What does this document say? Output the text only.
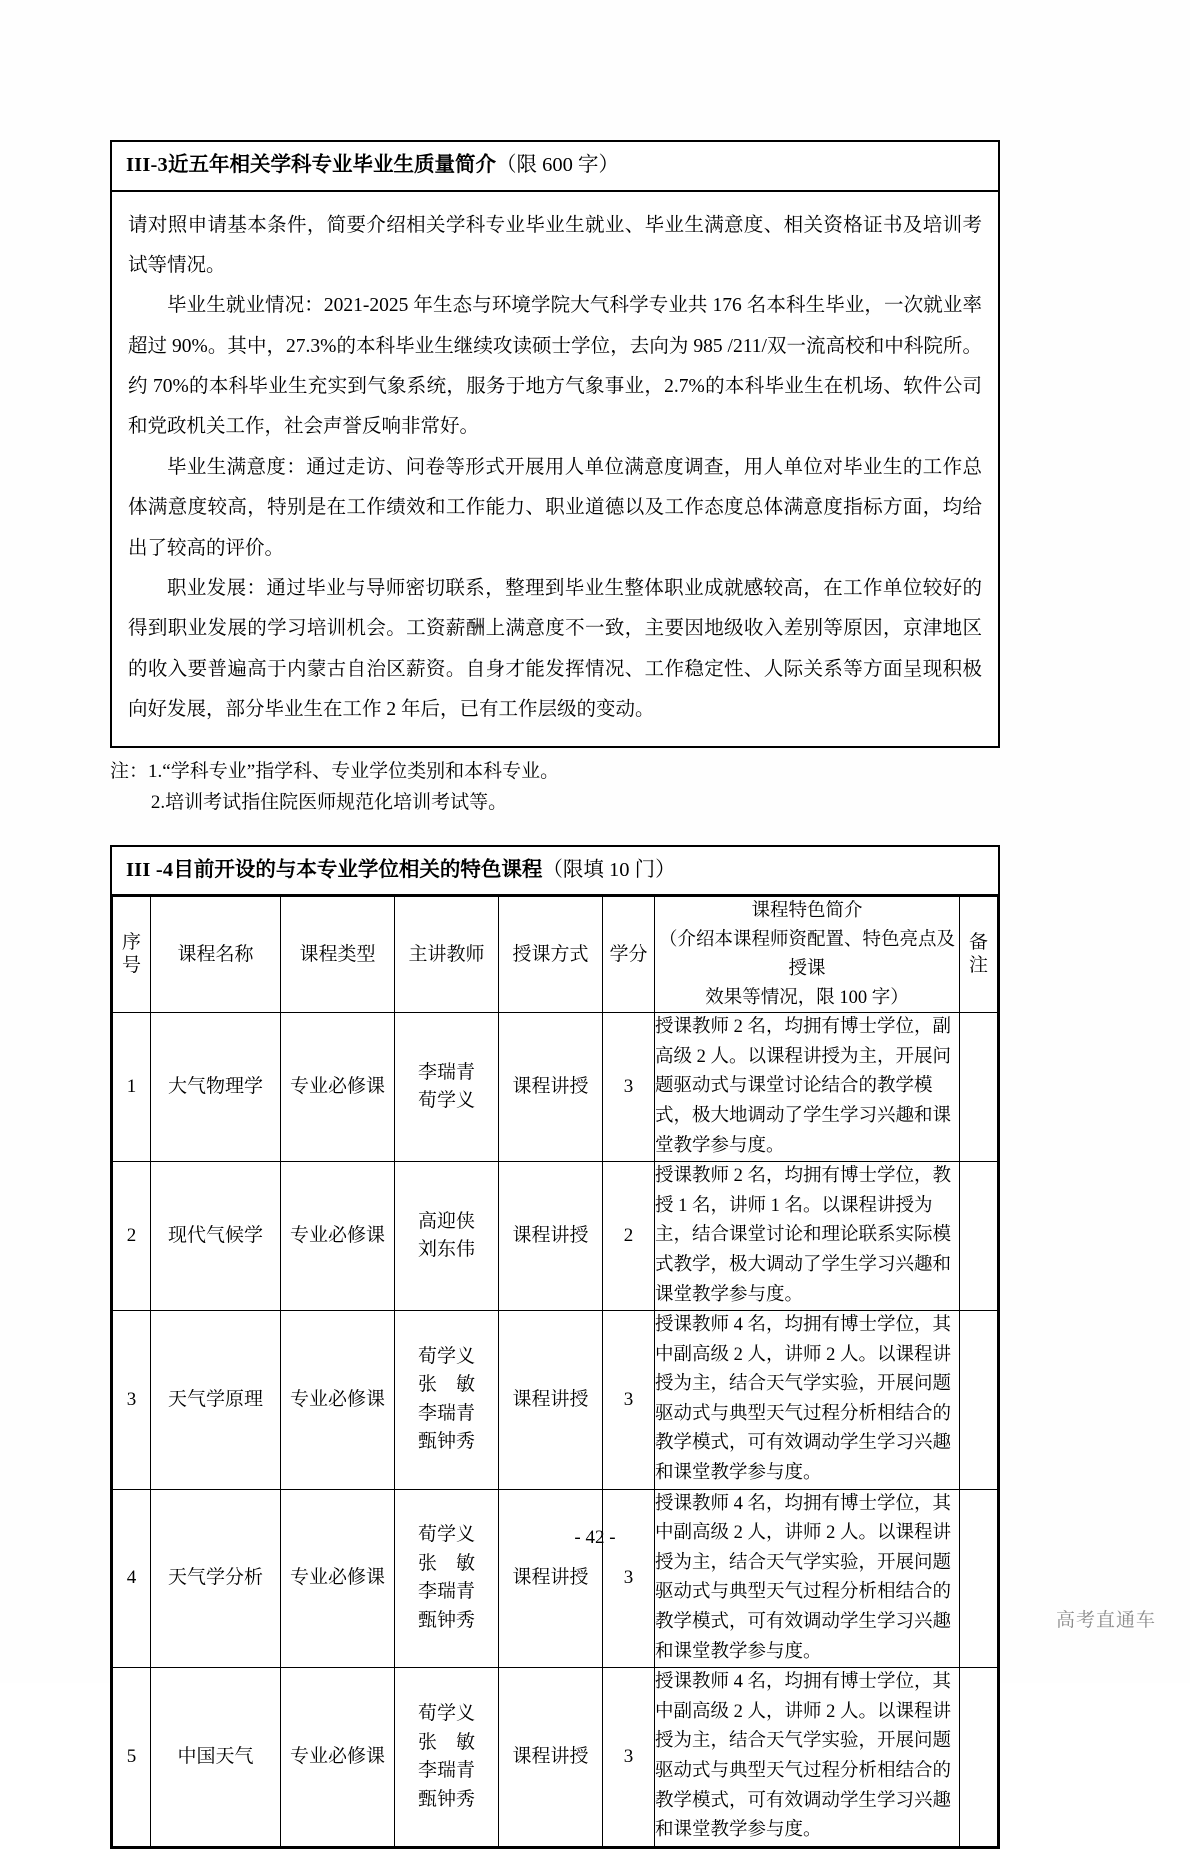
III-3近五年相关学科专业毕业生质量简介（限 600 字）

请对照申请基本条件，简要介绍相关学科专业毕业生就业、毕业生满意度、相关资格证书及培训考试等情况。

毕业生就业情况：2021-2025 年生态与环境学院大气科学专业共 176 名本科生毕业，一次就业率超过 90%。其中，27.3%的本科毕业生继续攻读硕士学位，去向为 985 /211/双一流高校和中科院所。约 70%的本科毕业生充实到气象系统，服务于地方气象事业，2.7%的本科毕业生在机场、软件公司和党政机关工作，社会声誉反响非常好。

毕业生满意度：通过走访、问卷等形式开展用人单位满意度调查，用人单位对毕业生的工作总体满意度较高，特别是在工作绩效和工作能力、职业道德以及工作态度总体满意度指标方面，均给出了较高的评价。

职业发展：通过毕业与导师密切联系，整理到毕业生整体职业成就感较高，在工作单位较好的得到职业发展的学习培训机会。工资薪酬上满意度不一致，主要因地级收入差别等原因，京津地区的收入要普遍高于内蒙古自治区薪资。自身才能发挥情况、工作稳定性、人际关系等方面呈现积极向好发展，部分毕业生在工作 2 年后，已有工作层级的变动。

注：1.“学科专业”指学科、专业学位类别和本科专业。
2.培训考试指住院医师规范化培训考试等。
III -4目前开设的与本专业学位相关的特色课程（限填 10 门）
序
号	课程名称	课程类型	主讲教师	授课方式	学分	课程特色简介
（介绍本课程师资配置、特色亮点及授课
效果等情况，限 100 字）	备
注

1	大气物理学	专业必修课	李瑞青
荀学义	课程讲授	3	授课教师 2 名，均拥有博士学位，副高级 2 人。以课程讲授为主，开展问题驱动式与课堂讨论结合的教学模式，极大地调动了学生学习兴趣和课堂教学参与度。	
2	现代气候学	专业必修课	高迎侠
刘东伟	课程讲授	2	授课教师 2 名，均拥有博士学位，教授 1 名，讲师 1 名。以课程讲授为主，结合课堂讨论和理论联系实际模式教学，极大调动了学生学习兴趣和课堂教学参与度。	
3	天气学原理	专业必修课	荀学义
张　敏
李瑞青
甄钟秀	课程讲授	3	授课教师 4 名，均拥有博士学位，其中副高级 2 人，讲师 2 人。以课程讲授为主，结合天气学实验，开展问题驱动式与典型天气过程分析相结合的教学模式，可有效调动学生学习兴趣和课堂教学参与度。	
4	天气学分析	专业必修课	荀学义
张　敏
李瑞青
甄钟秀	课程讲授	3	授课教师 4 名，均拥有博士学位，其中副高级 2 人，讲师 2 人。以课程讲授为主，结合天气学实验，开展问题驱动式与典型天气过程分析相结合的教学模式，可有效调动学生学习兴趣和课堂教学参与度。	
5	中国天气	专业必修课	荀学义
张　敏
李瑞青
甄钟秀	课程讲授	3	授课教师 4 名，均拥有博士学位，其中副高级 2 人，讲师 2 人。以课程讲授为主，结合天气学实验，开展问题驱动式与典型天气过程分析相结合的教学模式，可有效调动学生学习兴趣和课堂教学参与度。	
- 42 -
高考直通车
